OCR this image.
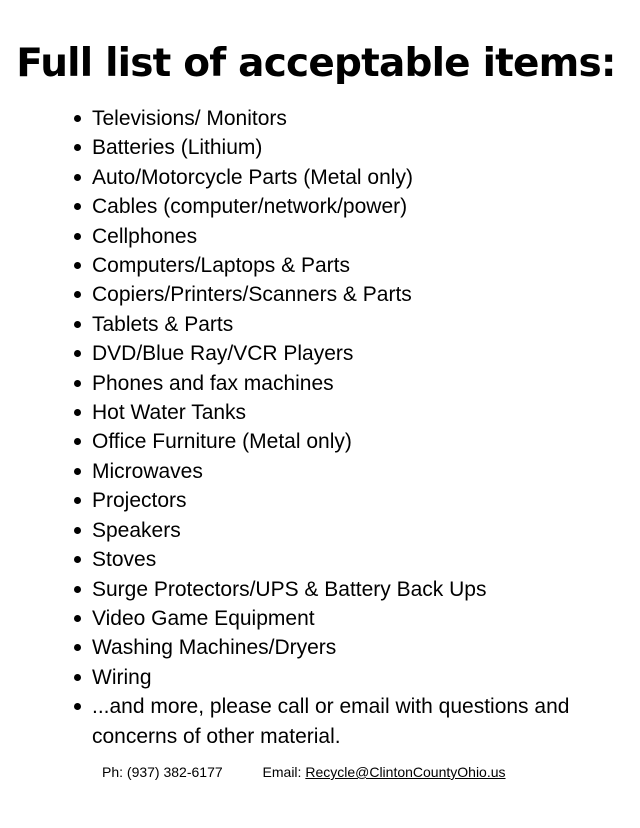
Full list of acceptable items:
Televisions/ Monitors
Batteries (Lithium)
Auto/Motorcycle Parts (Metal only)
Cables (computer/network/power)
Cellphones
Computers/Laptops & Parts
Copiers/Printers/Scanners & Parts
Tablets & Parts
DVD/Blue Ray/VCR Players
Phones and fax machines
Hot Water Tanks
Office Furniture (Metal only)
Microwaves
Projectors
Speakers
Stoves
Surge Protectors/UPS & Battery Back Ups
Video Game Equipment
Washing Machines/Dryers
Wiring
...and more, please call or email with questions and concerns of other material.
Ph: (937) 382-6177	Email: Recycle@ClintonCountyOhio.us
